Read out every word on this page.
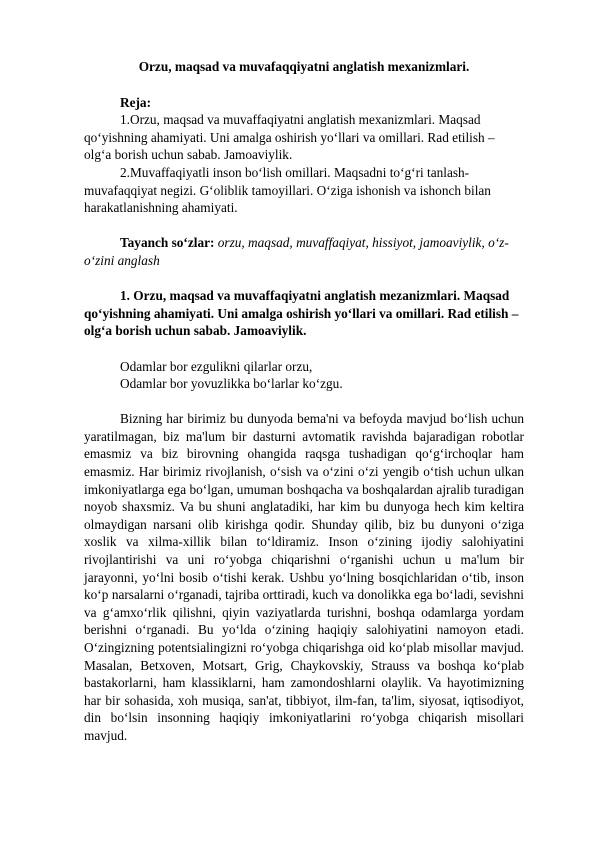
Orzu, maqsad va muvafaqqiyatni anglatish mexanizmlari.

Reja:

1.Orzu, maqsad va muvaffaqiyatni anglatish mexanizmlari. Maqsad qo‘yishning ahamiyati. Uni amalga oshirish yo‘llari va omillari. Rad etilish – olg‘a borish uchun sabab. Jamoaviylik.

2.Muvaffaqiyatli inson bo‘lish omillari. Maqsadni to‘g‘ri tanlash-muvafaqqiyat negizi. G‘oliblik tamoyillari. O‘ziga ishonish va ishonch bilan harakatlanishning ahamiyati.

Tayanch so‘zlar: orzu, maqsad, muvaffaqiyat, hissiyot, jamoaviylik, o‘z-o‘zini anglash

1. Orzu, maqsad va muvaffaqiyatni anglatish mezanizmlari. Maqsad qo‘yishning ahamiyati. Uni amalga oshirish yo‘llari va omillari. Rad etilish – olg‘a borish uchun sabab. Jamoaviylik.

Odamlar bor ezgulikni qilarlar orzu,

Odamlar bor yovuzlikka bo‘larlar ko‘zgu.

Bizning har birimiz bu dunyoda bema'ni va befoyda mavjud bo‘lish uchun yaratilmagan, biz ma'lum bir dasturni avtomatik ravishda bajaradigan robotlar emasmiz va biz birovning ohangida raqsga tushadigan qo‘g‘irchoqlar ham emasmiz. Har birimiz rivojlanish, o‘sish va o‘zini o‘zi yengib o‘tish uchun ulkan imkoniyatlarga ega bo‘lgan, umuman boshqacha va boshqalardan ajralib turadigan noyob shaxsmiz. Va bu shuni anglatadiki, har kim bu dunyoga hech kim keltira olmaydigan narsani olib kirishga qodir. Shunday qilib, biz bu dunyoni o‘ziga xoslik va xilma-xillik bilan to‘ldiramiz. Inson o‘zining ijodiy salohiyatini rivojlantirishi va uni ro‘yobga chiqarishni o‘rganishi uchun u ma'lum bir jarayonni, yo‘lni bosib o‘tishi kerak. Ushbu yo‘lning bosqichlaridan o‘tib, inson ko‘p narsalarni o‘rganadi, tajriba orttiradi, kuch va donolikka ega bo‘ladi, sevishni va g‘amxo‘rlik qilishni, qiyin vaziyatlarda turishni, boshqa odamlarga yordam berishni o‘rganadi. Bu yo‘lda o‘zining haqiqiy salohiyatini namoyon etadi. O‘zingizning potentsialingizni ro‘yobga chiqarishga oid ko‘plab misollar mavjud. Masalan, Betxoven, Motsart, Grig, Chaykovskiy, Strauss va boshqa ko‘plab bastakorlarni, ham klassiklarni, ham zamondoshlarni olaylik. Va hayotimizning har bir sohasida, xoh musiqa, san'at, tibbiyot, ilm-fan, ta'lim, siyosat, iqtisodiyot, din bo‘lsin insonning haqiqiy imkoniyatlarini ro‘yobga chiqarish misollari mavjud.
